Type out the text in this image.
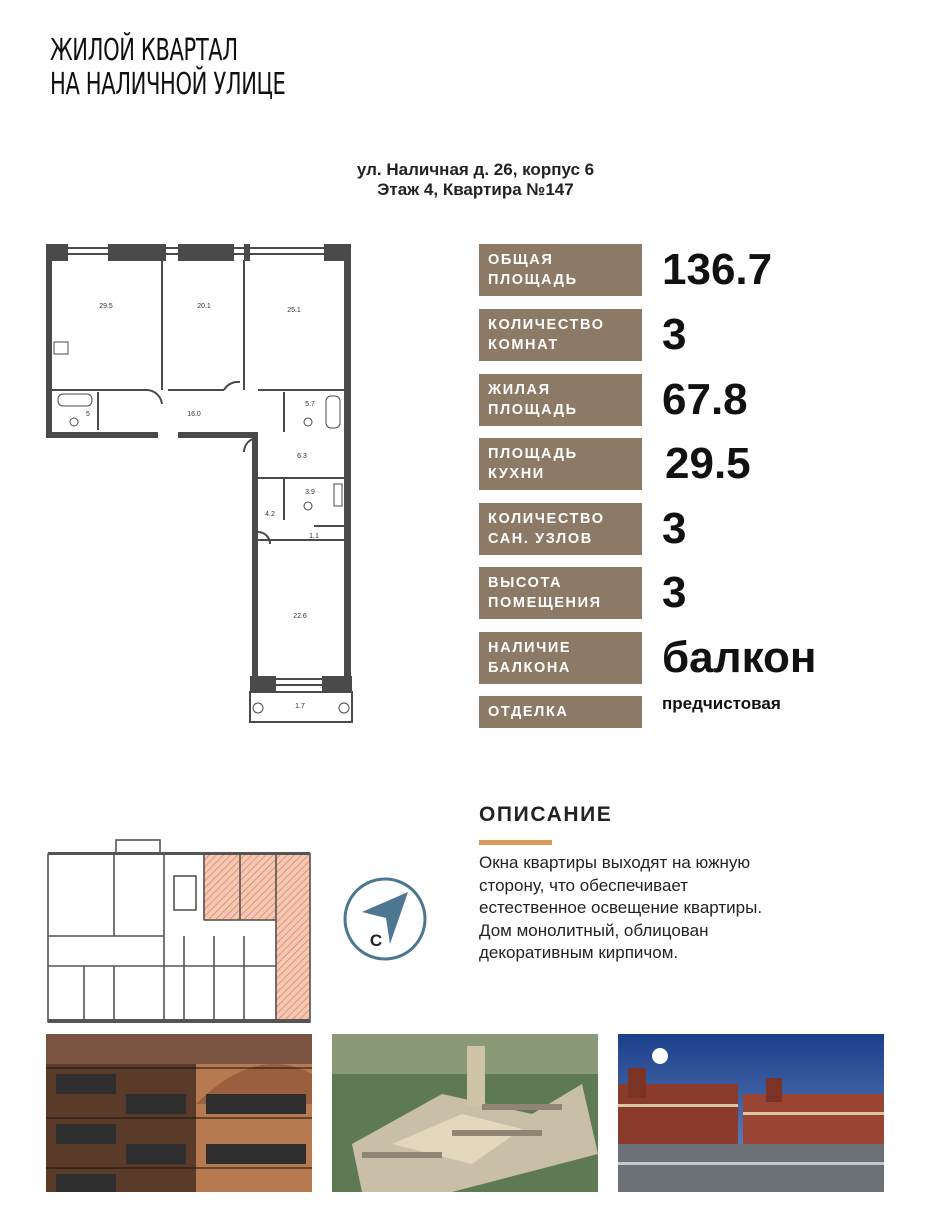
ЖИЛОЙ КВАРТАЛ
НА НАЛИЧНОЙ УЛИЦЕ
ул. Наличная д. 26, корпус 6
Этаж 4, Квартира №147
29.5	20.1
25.1
5	16.0
5.7
6.3
3.9
4.2
1.1
22.6
1.7
ОБЩАЯ
ПЛОЩАДЬ	136.7
КОЛИЧЕСТВО
КОМНАТ	3
ЖИЛАЯ
ПЛОЩАДЬ	67.8
ПЛОЩАДЬ
КУХНИ	29.5
КОЛИЧЕСТВО
САН. УЗЛОВ	3
ВЫСОТА
ПОМЕЩЕНИЯ	3
НАЛИЧИЕ
БАЛКОНА	балкон
ОТДЕЛКА	предчистовая
ОПИСАНИЕ
Окна квартиры выходят на южную
сторону, что обеспечивает
естественное освещение квартиры.
Дом монолитный, облицован
декоративным кирпичом.
С
